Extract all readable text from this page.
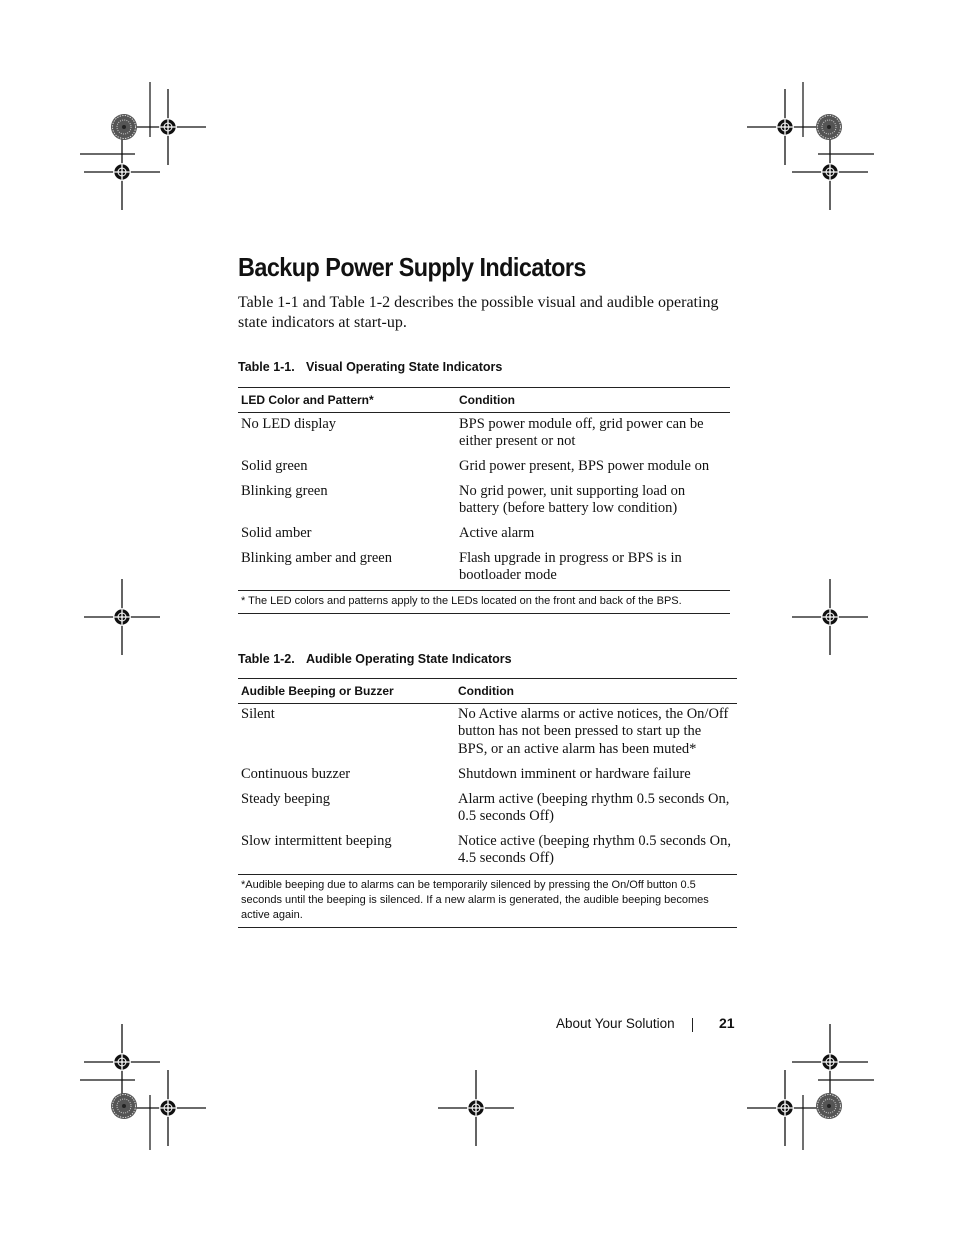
Backup Power Supply Indicators

Table 1-1 and Table 1-2 describes the possible visual and audible operating state indicators at start-up.

Table 1-1. Visual Operating State Indicators
LED Color and Pattern*	Condition
No LED display	BPS power module off, grid power can be either present or not
Solid green	Grid power present, BPS power module on
Blinking green	No grid power, unit supporting load on battery (before battery low condition)
Solid amber	Active alarm
Blinking amber and green	Flash upgrade in progress or BPS is in bootloader mode
* The LED colors and patterns apply to the LEDs located on the front and back of the BPS.
Table 1-2. Audible Operating State Indicators
Audible Beeping or Buzzer	Condition
Silent	No Active alarms or active notices, the On/Off button has not been pressed to start up the BPS, or an active alarm has been muted*
Continuous buzzer	Shutdown imminent or hardware failure
Steady beeping	Alarm active (beeping rhythm 0.5 seconds On, 0.5 seconds Off)
Slow intermittent beeping	Notice active (beeping rhythm 0.5 seconds On, 4.5 seconds Off)
*Audible beeping due to alarms can be temporarily silenced by pressing the On/Off button 0.5 seconds until the beeping is silenced. If a new alarm is generated, the audible beeping becomes active again.
About Your Solution	21
